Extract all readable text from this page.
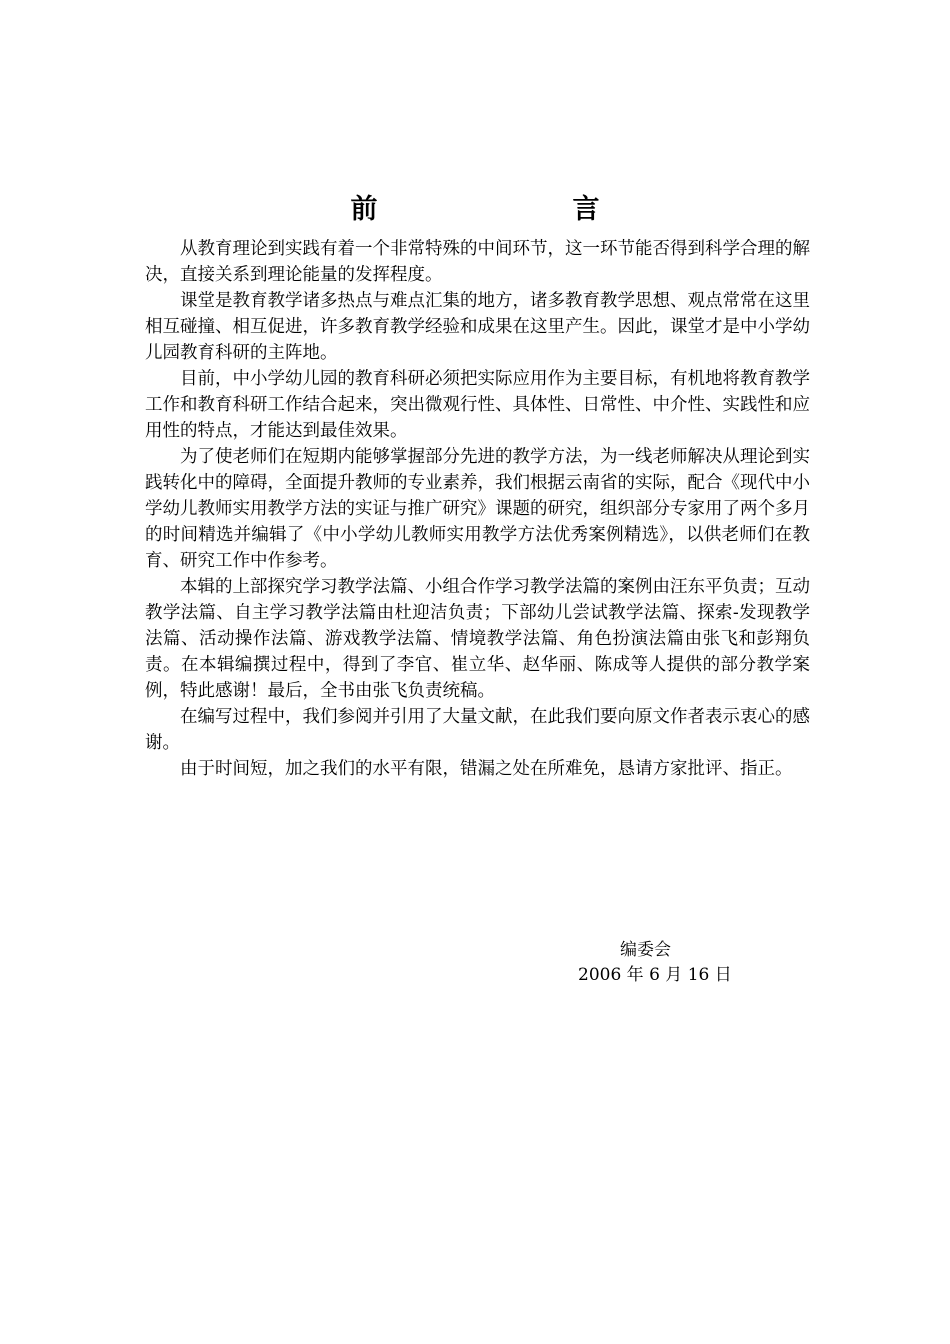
前　言

从教育理论到实践有着一个非常特殊的中间环节，这一环节能否得到科学合理的解决，直接关系到理论能量的发挥程度。

课堂是教育教学诸多热点与难点汇集的地方，诸多教育教学思想、观点常常在这里相互碰撞、相互促进，许多教育教学经验和成果在这里产生。因此，课堂才是中小学幼儿园教育科研的主阵地。

目前，中小学幼儿园的教育科研必须把实际应用作为主要目标，有机地将教育教学工作和教育科研工作结合起来，突出微观行性、具体性、日常性、中介性、实践性和应用性的特点，才能达到最佳效果。

为了使老师们在短期内能够掌握部分先进的教学方法，为一线老师解决从理论到实践转化中的障碍，全面提升教师的专业素养，我们根据云南省的实际，配合《现代中小学幼儿教师实用教学方法的实证与推广研究》课题的研究，组织部分专家用了两个多月的时间精选并编辑了《中小学幼儿教师实用教学方法优秀案例精选》，以供老师们在教育、研究工作中作参考。

本辑的上部探究学习教学法篇、小组合作学习教学法篇的案例由汪东平负责；互动教学法篇、自主学习教学法篇由杜迎洁负责；下部幼儿尝试教学法篇、探索-发现教学法篇、活动操作法篇、游戏教学法篇、情境教学法篇、角色扮演法篇由张飞和彭翔负责。在本辑编撰过程中，得到了李官、崔立华、赵华丽、陈成等人提供的部分教学案例，特此感谢！最后，全书由张飞负责统稿。

在编写过程中，我们参阅并引用了大量文献，在此我们要向原文作者表示衷心的感谢。

由于时间短，加之我们的水平有限，错漏之处在所难免，恳请方家批评、指正。

编委会
2006 年 6 月 16 日
